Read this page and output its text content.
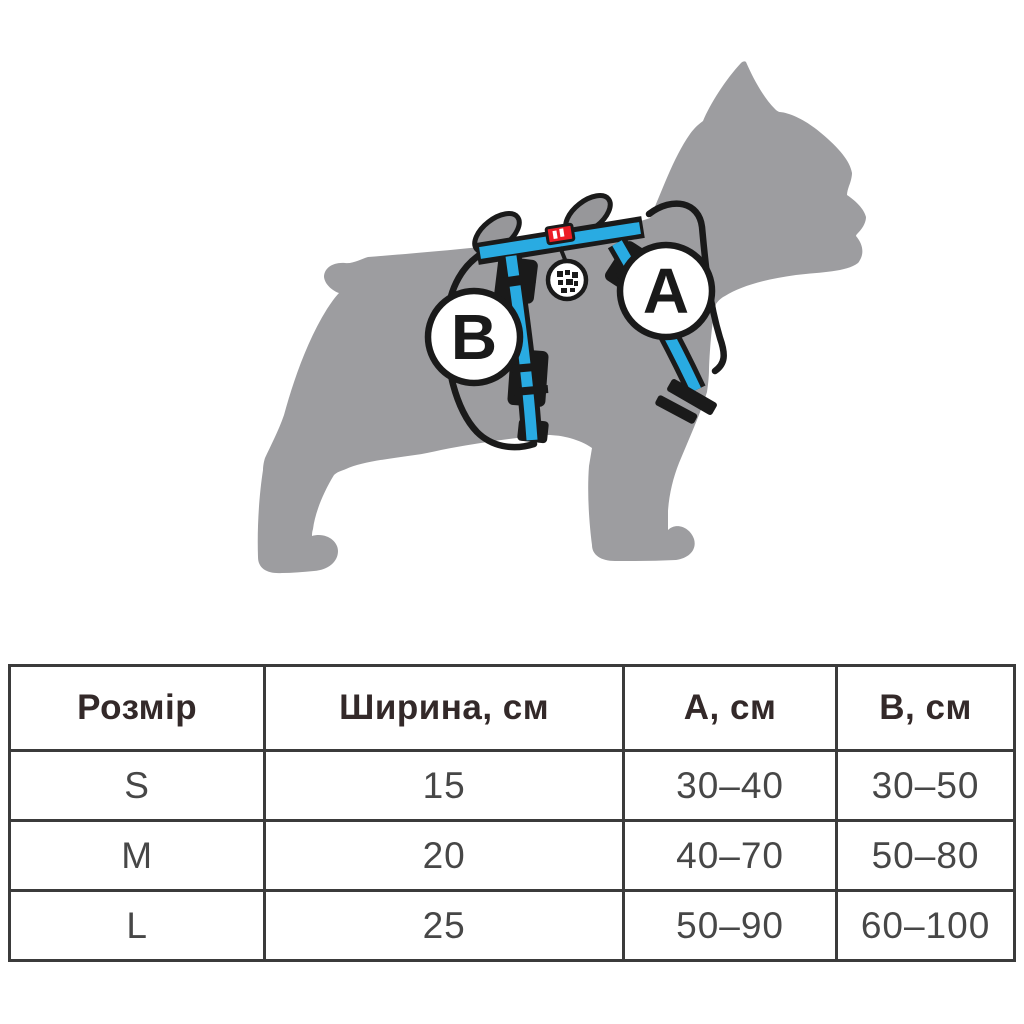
B
A
Розмір	Ширина, см	А, см	В, см
S	15	30–40	30–50
M	20	40–70	50–80
L	25	50–90	60–100
